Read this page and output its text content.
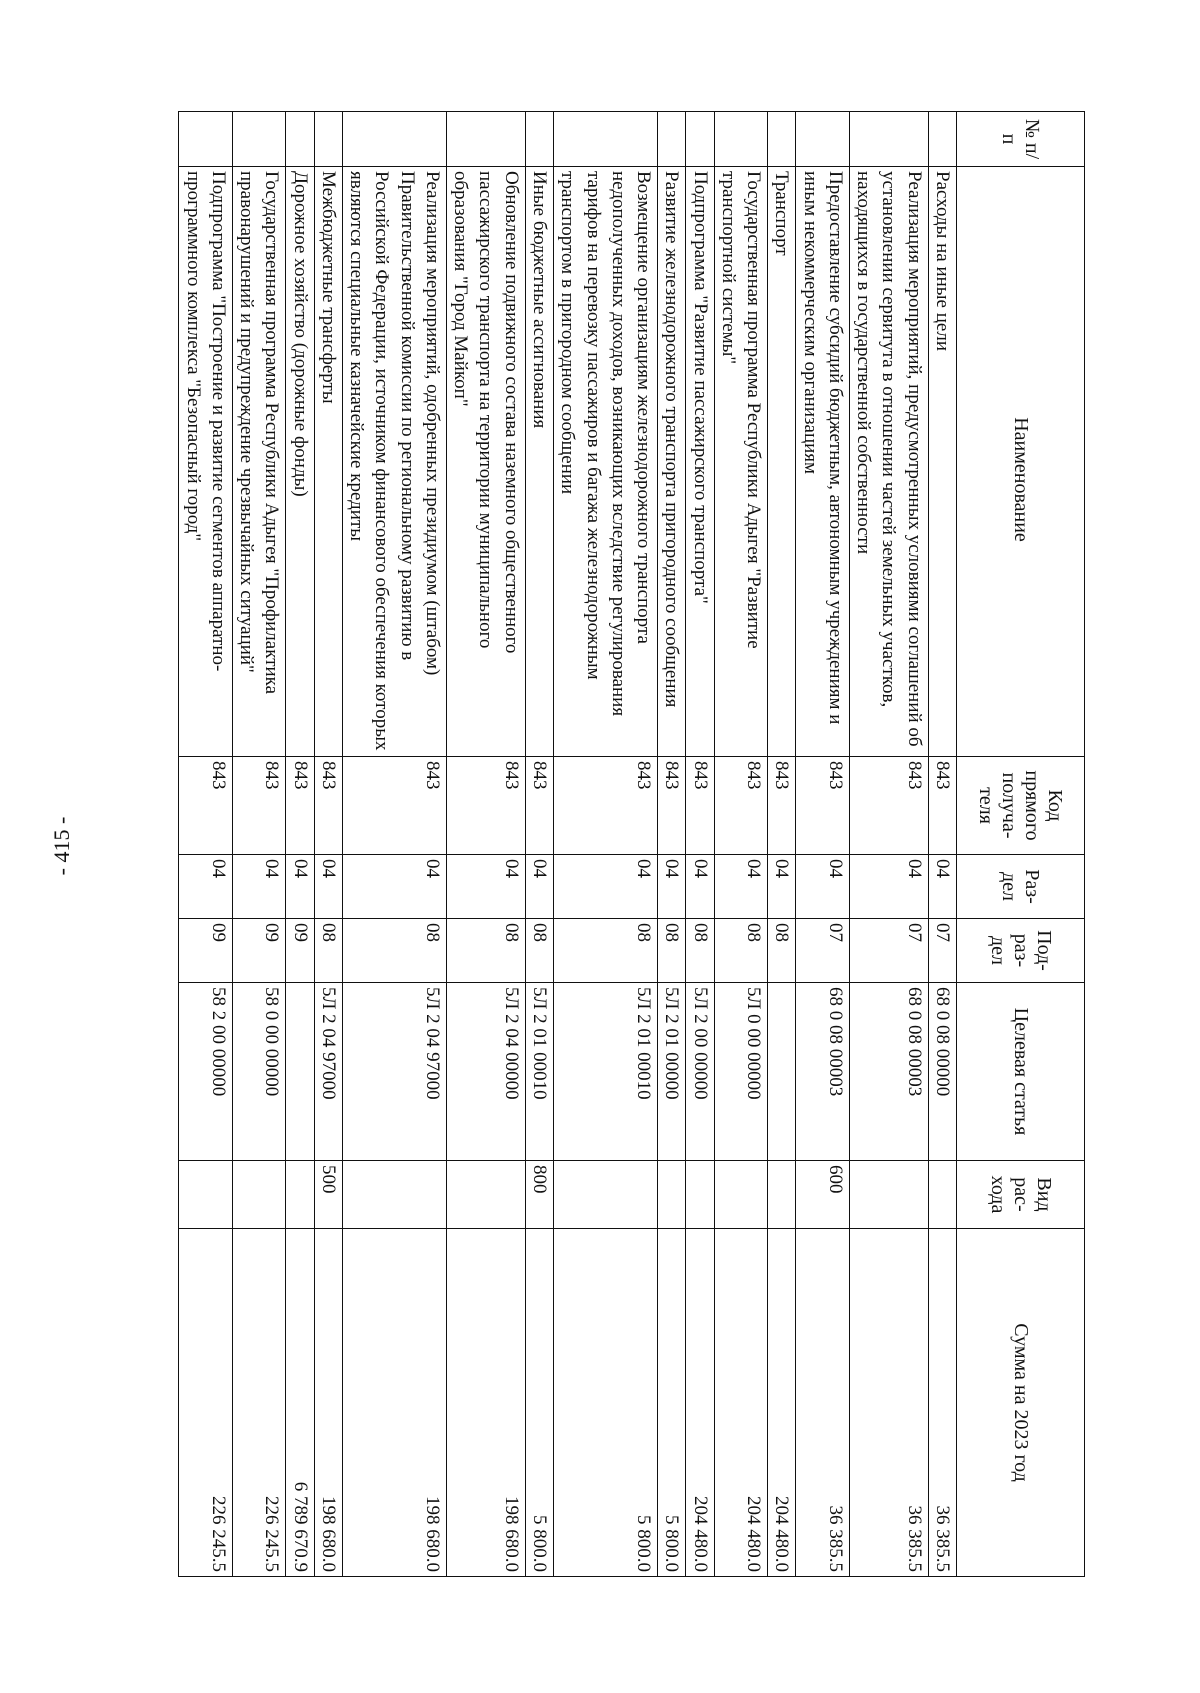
- 415 -
№ п/п	Наименование	Код прямого получа-теля	Раз-дел	Под-раз-дел	Целевая статья	Вид рас-хода	Сумма на 2023 год
	Расходы на иные цели	843	04	07	68 0 08 00000		36 385.5
	Реализация мероприятий, предусмотренных условиями соглашений об установлении сервитута в отношении частей земельных участков, находящихся в государственной собственности	843	04	07	68 0 08 00003		36 385.5
	Предоставление субсидий бюджетным, автономным учреждениям и иным некоммерческим организациям	843	04	07	68 0 08 00003	600	36 385.5
	Транспорт	843	04	08			204 480.0
	Государственная программа Республики Адыгея "Развитие транспортной системы"	843	04	08	5Л 0 00 00000		204 480.0
	Подпрограмма "Развитие пассажирского транспорта"	843	04	08	5Л 2 00 00000		204 480.0
	Развитие железнодорожного транспорта пригородного сообщения	843	04	08	5Л 2 01 00000		5 800.0
	Возмещение организациям железнодорожного транспорта недополученных доходов, возникающих вследствие регулирования тарифов на перевозку пассажиров и багажа железнодорожным транспортом в пригородном сообщении	843	04	08	5Л 2 01 00010		5 800.0
	Иные бюджетные ассигнования	843	04	08	5Л 2 01 00010	800	5 800.0
	Обновление подвижного состава наземного общественного пассажирского транспорта на территории муниципального образования "Город Майкоп"	843	04	08	5Л 2 04 00000		198 680.0
	Реализация мероприятий, одобренных президиумом (штабом) Правительственной комиссии по региональному развитию в Российской Федерации, источником финансового обеспечения которых являются специальные казначейские кредиты	843	04	08	5Л 2 04 97000		198 680.0
	Межбюджетные трансферты	843	04	08	5Л 2 04 97000	500	198 680.0
	Дорожное хозяйство (дорожные фонды)	843	04	09			6 789 670.9
	Государственная программа Республики Адыгея "Профилактика правонарушений и предупреждение чрезвычайных ситуаций"	843	04	09	58 0 00 00000		226 245.5
	Подпрограмма "Построение и развитие сегментов аппаратно-программного комплекса "Безопасный город"	843	04	09	58 2 00 00000		226 245.5
